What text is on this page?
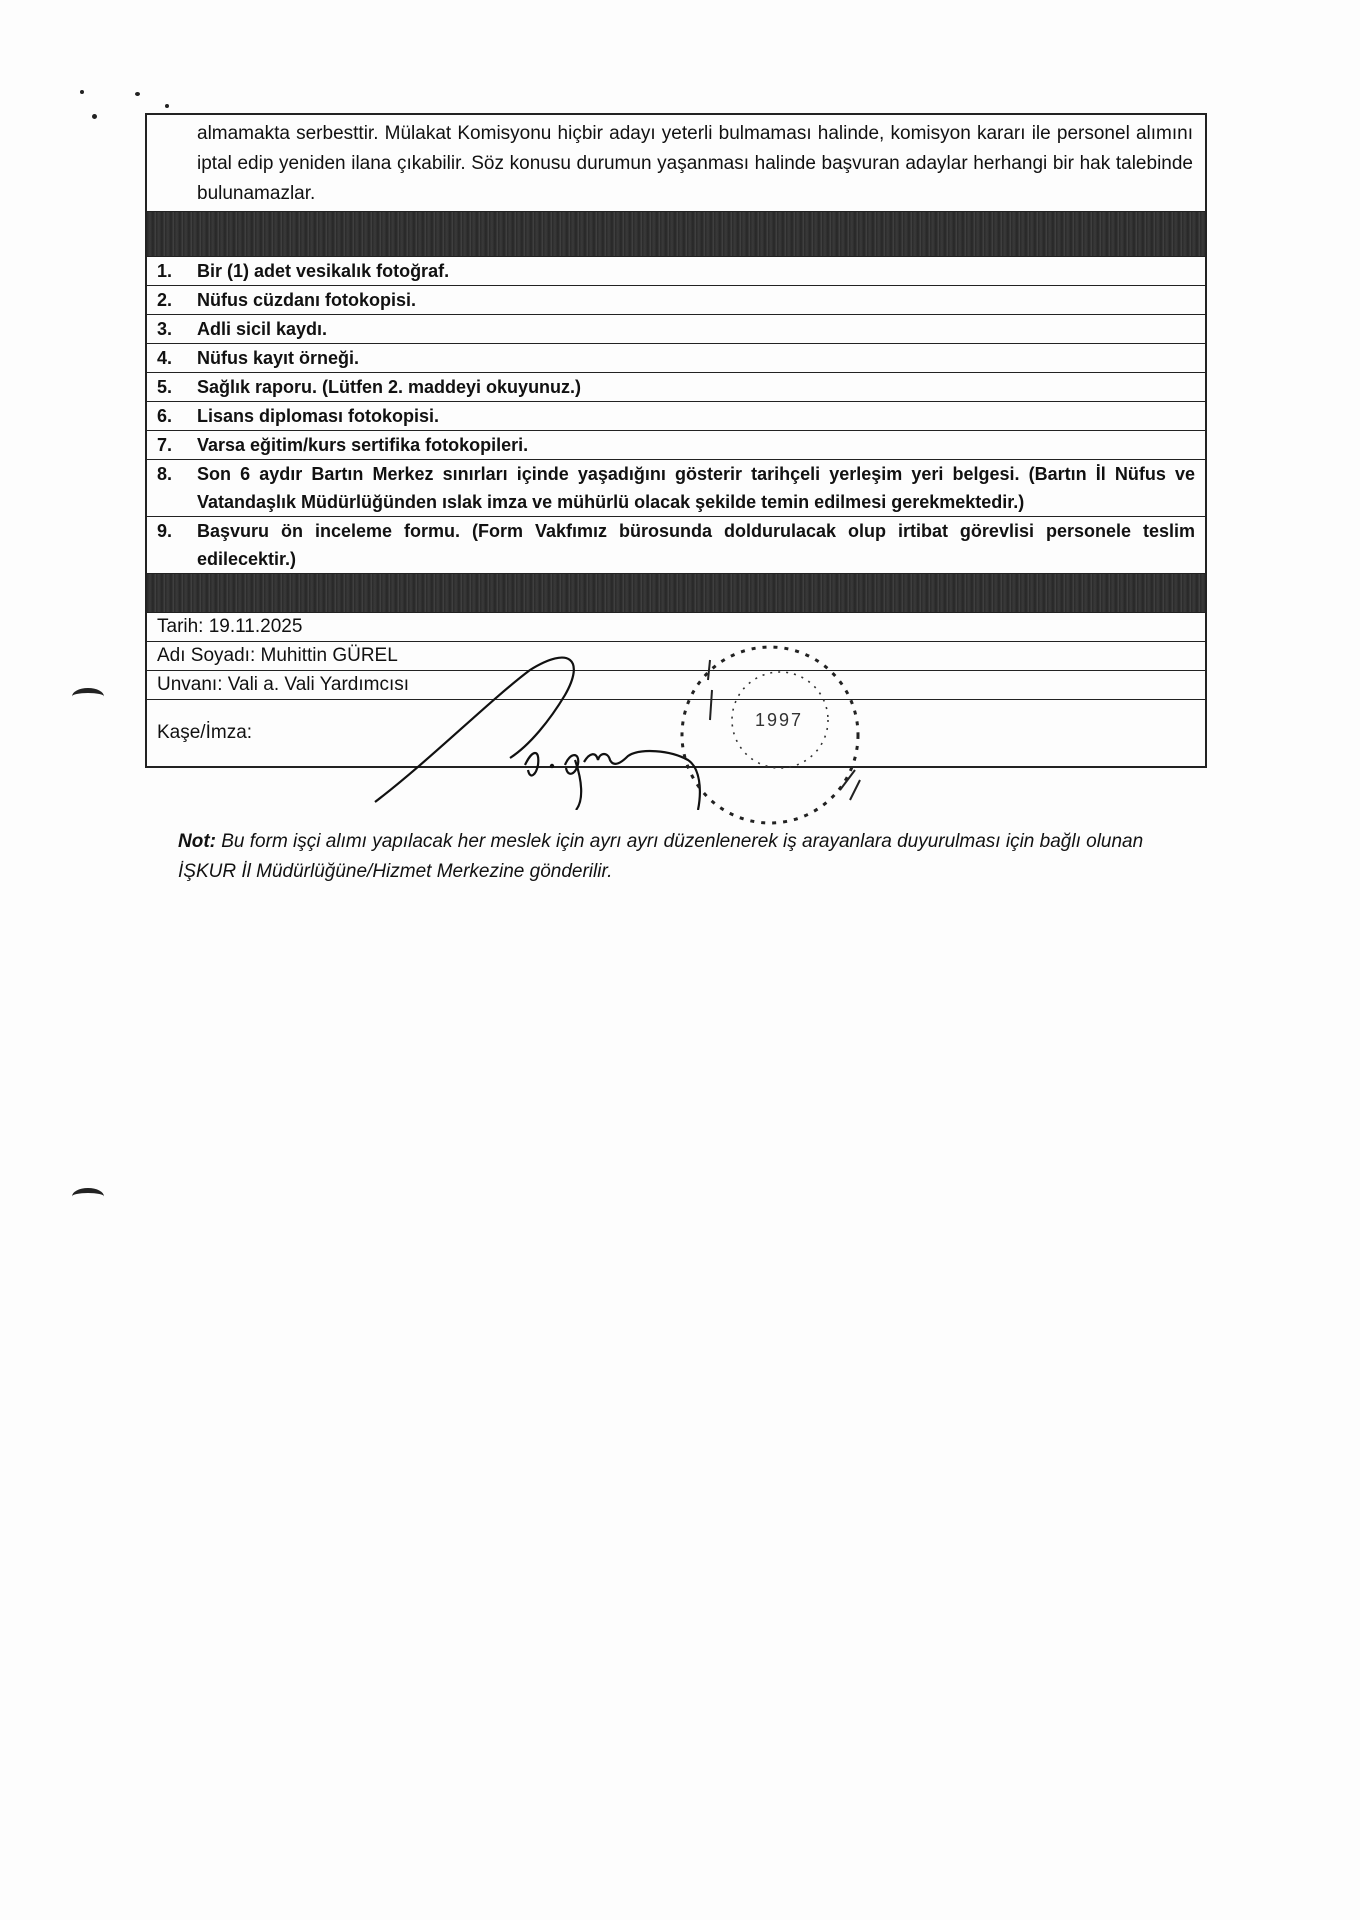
almamakta serbesttir. Mülakat Komisyonu hiçbir adayı yeterli bulmaması halinde, komisyon kararı ile personel alımını iptal edip yeniden ilana çıkabilir. Söz konusu durumun yaşanması halinde başvuran adaylar herhangi bir hak talebinde bulunamazlar.
1.	Bir (1) adet vesikalık fotoğraf.
2.	Nüfus cüzdanı fotokopisi.
3.	Adli sicil kaydı.
4.	Nüfus kayıt örneği.
5.	Sağlık raporu. (Lütfen 2. maddeyi okuyunuz.)
6.	Lisans diploması fotokopisi.
7.	Varsa eğitim/kurs sertifika fotokopileri.
8.	Son 6 aydır Bartın Merkez sınırları içinde yaşadığını gösterir tarihçeli yerleşim yeri belgesi. (Bartın İl Nüfus ve Vatandaşlık Müdürlüğünden ıslak imza ve mühürlü olacak şekilde temin edilmesi gerekmektedir.)
9.	Başvuru ön inceleme formu. (Form Vakfımız bürosunda doldurulacak olup irtibat görevlisi personele teslim edilecektir.)
Tarih: 19.11.2025
Adı Soyadı: Muhittin GÜREL
Unvanı: Vali a. Vali Yardımcısı
Kaşe/İmza:
1997
Not: Bu form işçi alımı yapılacak her meslek için ayrı ayrı düzenlenerek iş arayanlara duyurulması için bağlı olunan İŞKUR İl Müdürlüğüne/Hizmet Merkezine gönderilir.
